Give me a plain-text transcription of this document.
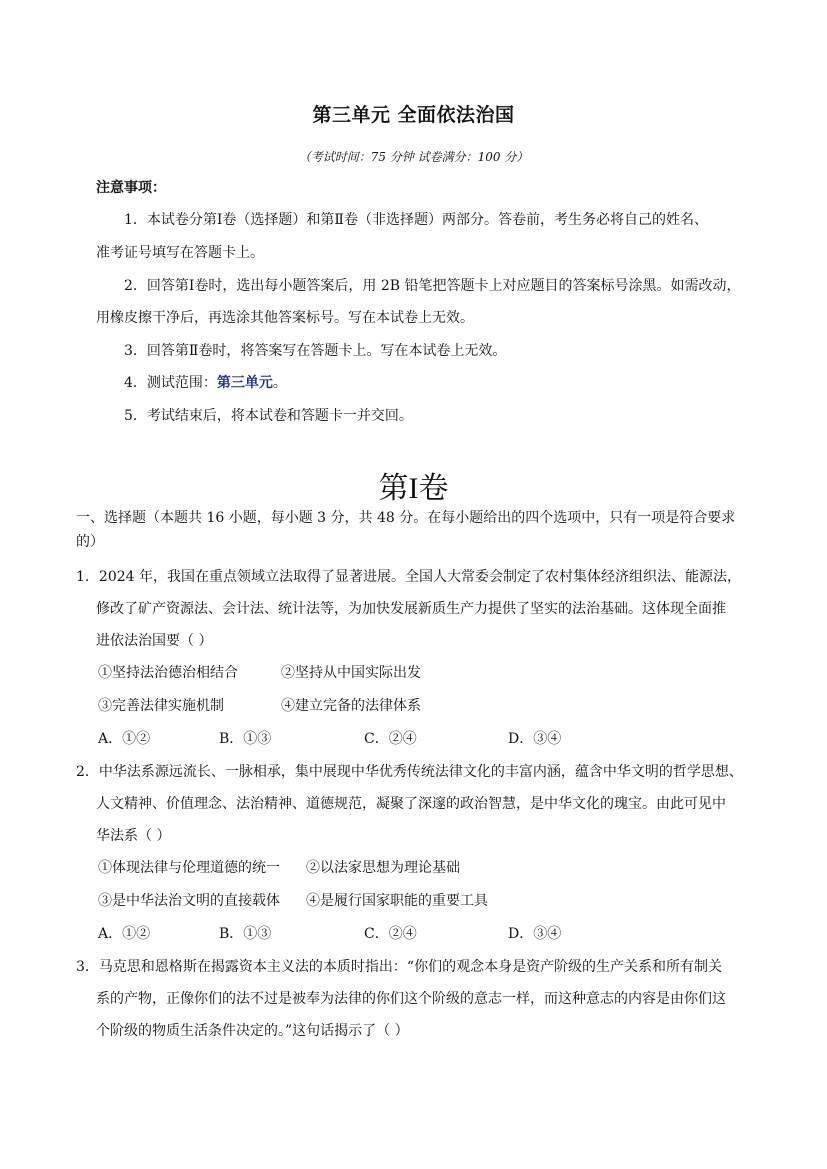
第三单元 全面依法治国
（考试时间：75 分钟 试卷满分：100 分）
注意事项：
1．本试卷分第Ⅰ卷（选择题）和第Ⅱ卷（非选择题）两部分。答卷前，考生务必将自己的姓名、
准考证号填写在答题卡上。
2．回答第Ⅰ卷时，选出每小题答案后，用 2B 铅笔把答题卡上对应题目的答案标号涂黑。如需改动，
用橡皮擦干净后，再选涂其他答案标号。写在本试卷上无效。
3．回答第Ⅱ卷时，将答案写在答题卡上。写在本试卷上无效。
4．测试范围：第三单元。
5．考试结束后，将本试卷和答题卡一并交回。
第I卷
一、选择题（本题共 16 小题，每小题 3 分，共 48 分。在每小题给出的四个选项中，只有一项是符合要求
的）
1．2024 年，我国在重点领域立法取得了显著进展。全国人大常委会制定了农村集体经济组织法、能源法，
修改了矿产资源法、会计法、统计法等，为加快发展新质生产力提供了坚实的法治基础。这体现全面推
进依法治国要（ ）
①坚持法治德治相结合	②坚持从中国实际出发
③完善法律实施机制	④建立完备的法律体系
A．①②	B．①③	C．②④	D．③④
2．中华法系源远流长、一脉相承，集中展现中华优秀传统法律文化的丰富内涵，蕴含中华文明的哲学思想、
人文精神、价值理念、法治精神、道德规范，凝聚了深邃的政治智慧，是中华文化的瑰宝。由此可见中
华法系（ ）
①体现法律与伦理道德的统一 ②以法家思想为理论基础
③是中华法治文明的直接载体 ④是履行国家职能的重要工具
A．①②	B．①③	C．②④	D．③④
3．马克思和恩格斯在揭露资本主义法的本质时指出：“你们的观念本身是资产阶级的生产关系和所有制关
系的产物，正像你们的法不过是被奉为法律的你们这个阶级的意志一样，而这种意志的内容是由你们这
个阶级的物质生活条件决定的。”这句话揭示了（ ）
